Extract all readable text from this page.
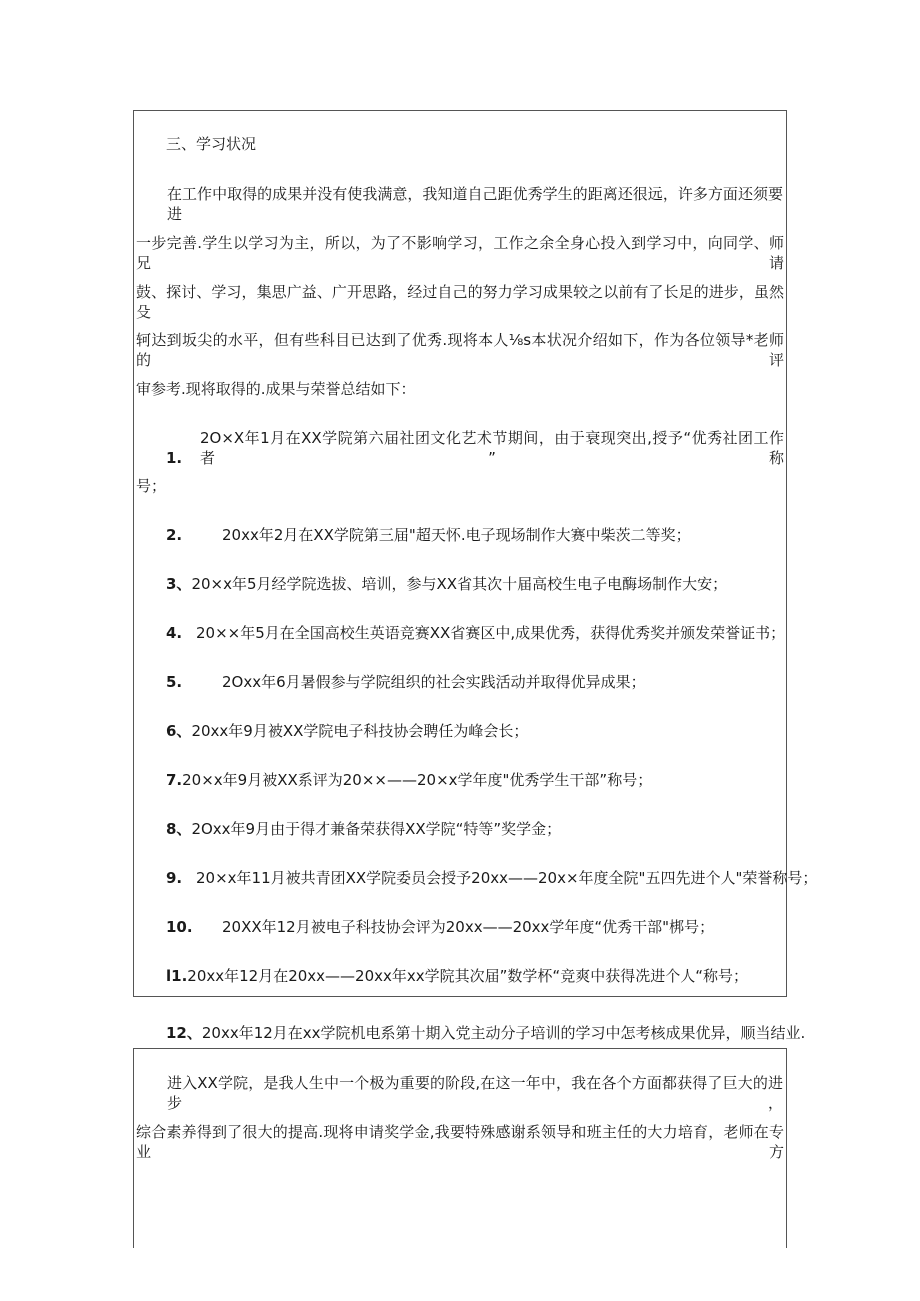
三、学习状况
在工作中取得的成果并没有使我满意，我知道自己距优秀学生的距离还很远，许多方面还须要进
一步完善.学生以学习为主，所以，为了不影响学习，工作之余全身心投入到学习中，向同学、师兄请
鼓、探讨、学习，集思广益、广开思路，经过自己的努力学习成果较之以前有了长足的进步，虽然殳
轲达到坂尖的水平，但有些科目已达到了优秀.现将本人⅛s本状况介绍如下，作为各位领导*老师的评
审参考.现将取得的.成果与荣誉总结如下：
1.2O×X年1月在XX学院第六届社团文化艺术节期间，由于衰现突出,授予“优秀社团工作者”称
号；
2.	20xx年2月在XX学院第三届"超天怀.电子现场制作大赛中柴茨二等奖；
3、20×x年5月经学院选拔、培训，参与XX省其次十届高校生电子电酶场制作大安；
4. 20××年5月在全国高校生英语竞赛XX省赛区中,成果优秀，获得优秀奖并颁发荣誉证书；
5.	2Oxx年6月暑假参与学院组织的社会实践活动并取得优异成果；
6、20xx年9月被XX学院电子科技协会聘任为峰会长；
7.20×x年9月被XX系评为20××——20×x学年度"优秀学生干部”称号；
8、2Oxx年9月由于得才兼备荣获得XX学院“特等”奖学金；
9. 20×x年11月被共青团XX学院委员会授予20xx——20x×年度全院"五四先进个人"荣誉称号；
10. 20XX年12月被电子科技协会评为20xx——20xx学年度“优秀干部"梆号；
l1.20xx年12月在20xx——20xx年xx学院其次届”数学杯“竞爽中获得冼进个人“称号；
12、20xx年12月在xx学院机电系第十期入党主动分子培训的学习中怎考核成果优异，顺当结业.
进入XX学院，是我人生中一个极为重要的阶段,在这一年中，我在各个方面都获得了巨大的进步，
综合素养得到了很大的提高.现将申请奖学金,我要特殊感谢系领导和班主任的大力培育，老师在专业方
